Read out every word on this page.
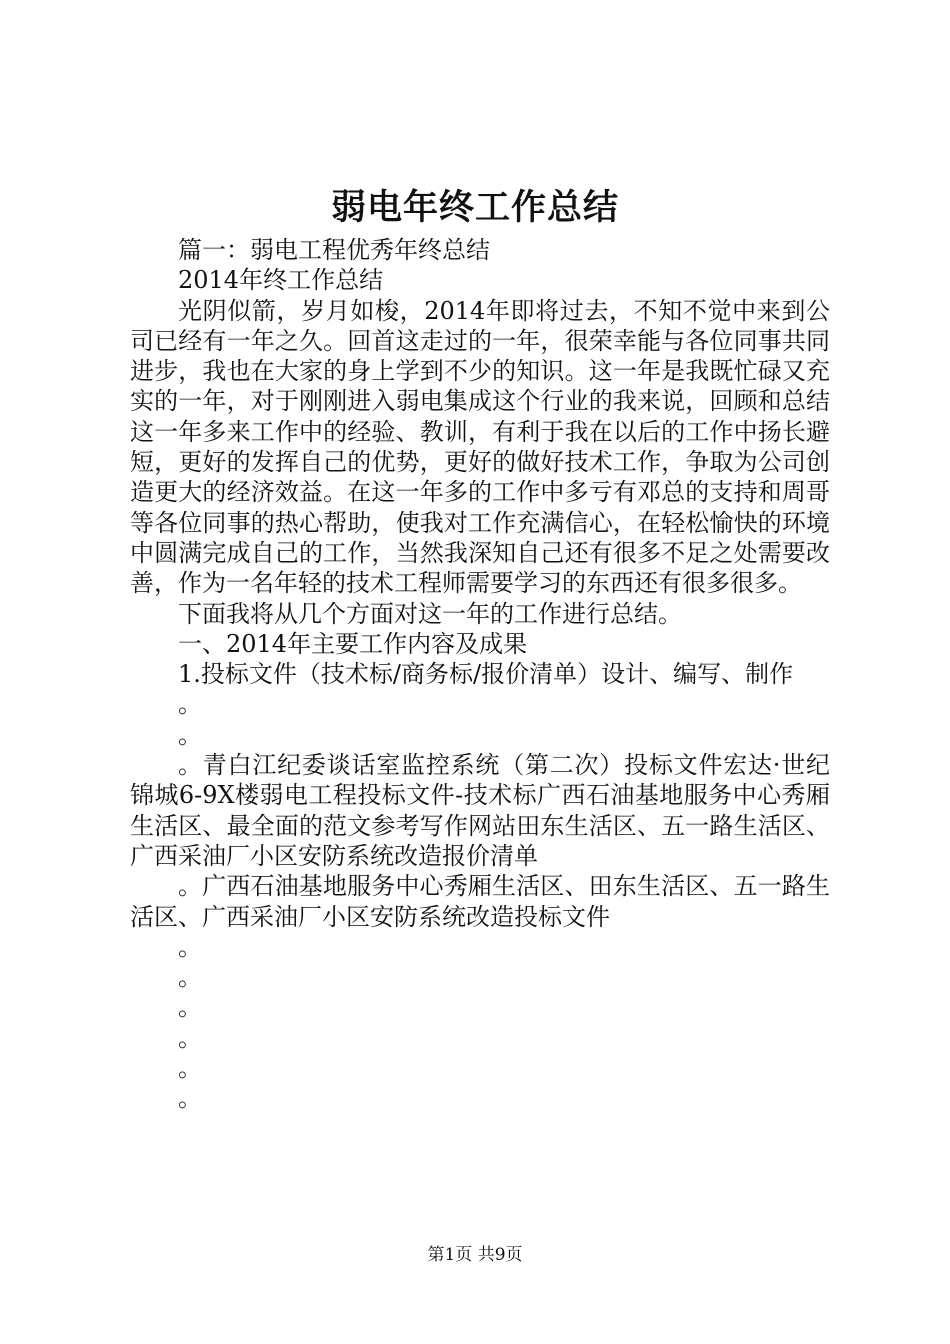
弱电年终工作总结

篇一：弱电工程优秀年终总结

2014年终工作总结

光阴似箭，岁月如梭，2014年即将过去，不知不觉中来到公司已经有一年之久。回首这走过的一年，很荣幸能与各位同事共同进步，我也在大家的身上学到不少的知识。这一年是我既忙碌又充实的一年，对于刚刚进入弱电集成这个行业的我来说，回顾和总结这一年多来工作中的经验、教训，有利于我在以后的工作中扬长避短，更好的发挥自己的优势，更好的做好技术工作，争取为公司创造更大的经济效益。在这一年多的工作中多亏有邓总的支持和周哥等各位同事的热心帮助，使我对工作充满信心，在轻松愉快的环境中圆满完成自己的工作，当然我深知自己还有很多不足之处需要改善，作为一名年轻的技术工程师需要学习的东西还有很多很多。

下面我将从几个方面对这一年的工作进行总结。

一、2014年主要工作内容及成果

1.投标文件（技术标/商务标/报价清单）设计、编写、制作

。

。

。青白江纪委谈话室监控系统（第二次）投标文件宏达·世纪锦城6-9X楼弱电工程投标文件-技术标广西石油基地服务中心秀厢生活区、最全面的范文参考写作网站田东生活区、五一路生活区、广西采油厂小区安防系统改造报价清单

。广西石油基地服务中心秀厢生活区、田东生活区、五一路生活区、广西采油厂小区安防系统改造投标文件

。

。

。

。

。

。

第1页 共9页
